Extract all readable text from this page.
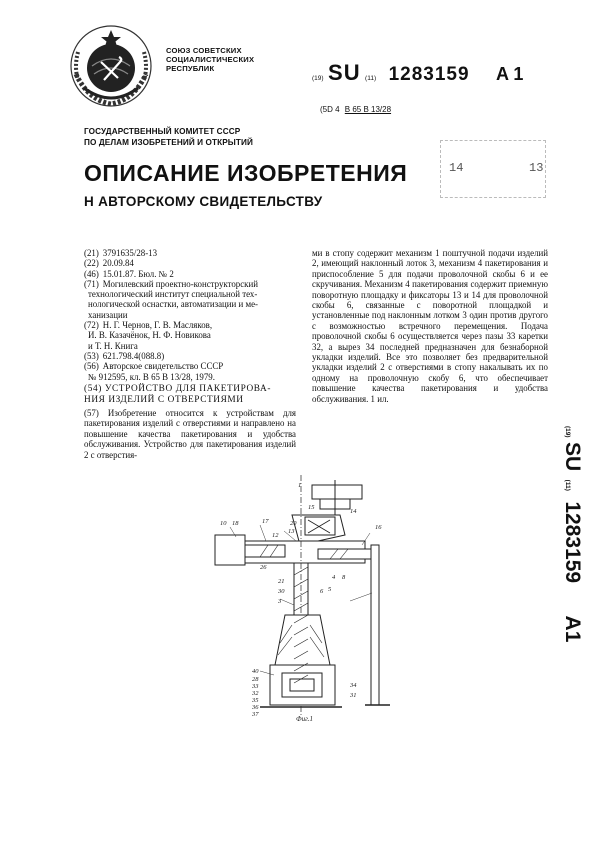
СОЮЗ СОВЕТСКИХ
СОЦИАЛИСТИЧЕСКИХ
РЕСПУБЛИК
(19) SU (11) 1283159 A 1
(5D 4 B 65 B 13/28
ГОСУДАРСТВЕННЫЙ КОМИТЕТ СССР
ПО ДЕЛАМ ИЗОБРЕТЕНИЙ И ОТКРЫТИЙ
14	13
ОПИСАНИЕ ИЗОБРЕТЕНИЯ
Н АВТОРСКОМУ СВИДЕТЕЛЬСТВУ
(21) 3791635/28-13
(22) 20.09.84
(46) 15.01.87. Бюл. № 2
(71) Могилевский проектно-конструкторский
технологический институт специальной тех-
нологической оснастки, автоматизации и ме-
ханизации
(72) Н. Г. Чернов, Г. В. Масляков,
И. В. Казачёнок, Н. Ф. Новикова
и Т. Н. Книга
(53) 621.798.4(088.8)
(56) Авторское свидетельство СССР
№ 912595, кл. В 65 В 13/28, 1979.
(54) УСТРОЙСТВО ДЛЯ ПАКЕТИРОВА-
НИЯ ИЗДЕЛИЙ С ОТВЕРСТИЯМИ

(57) Изобретение относится к устройствам для пакетирования изделий с отверстиями и направлено на повышение качества пакетирования и удобства обслуживания. Устройство для пакетирования изделий 2 с отверстия-

ми в стопу содержит механизм 1 поштучной подачи изделий 2, имеющий наклонный лоток 3, механизм 4 пакетирования и приспособление 5 для подачи проволочной скобы 6 и ее скручивания. Механизм 4 пакетирования содержит приемную поворотную площадку и фиксаторы 13 и 14 для проволочной скобы 6, связанные с поворотной площадкой и установленные под наклонным лотком 3 один против другого с возможностью встречного перемещения. Подача проволочной скобы 6 осуществляется через пазы 33 каретки 32, а вырез 34 последней предназначен для безнаборной укладки изделий. Все это позволяет без предварительной укладки изделий 2 с отверстиями в стопу накалывать их по одному на проволочную скобу 6, что обеспечивает повышение качества пакетирования и удобства обслуживания. 1 ил.

(19) SU (11) 1283159 A1
10 18	17
12
1
15
20
13
14
16
26
21
30
3
4 8
6 5
40
28
33
32
35
36
37
31
34
Фиг.1
